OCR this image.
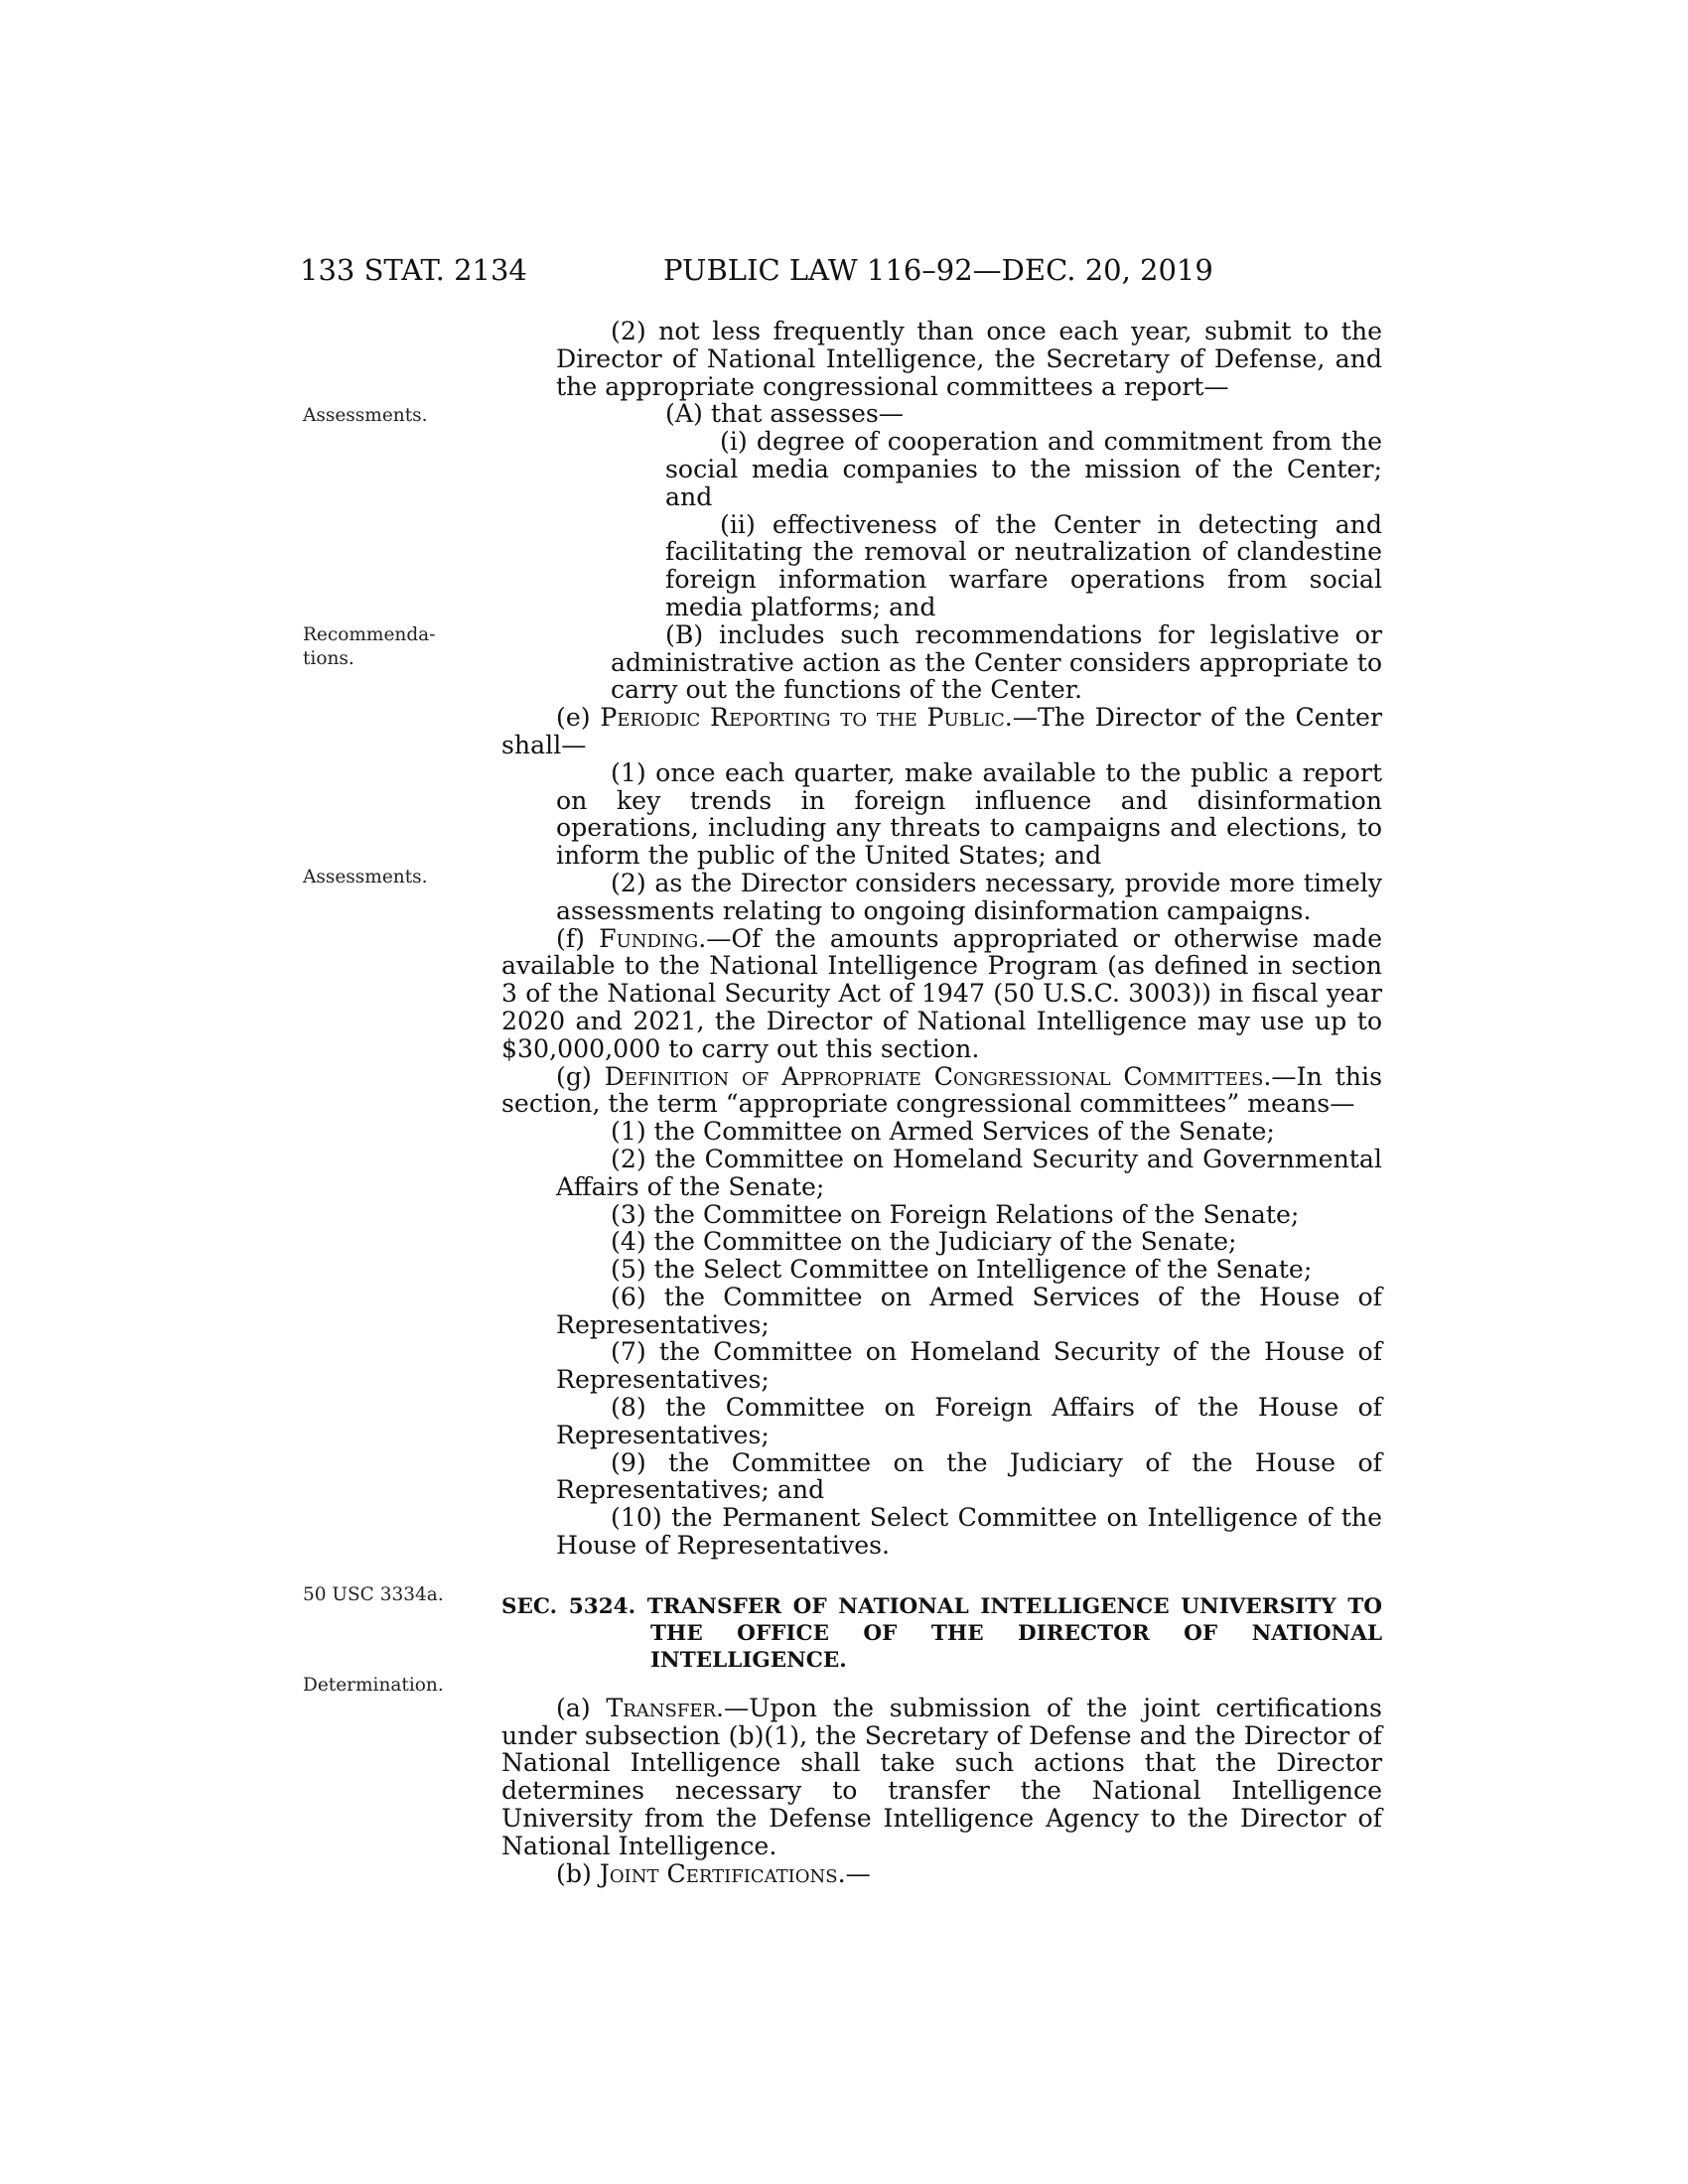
133 STAT. 2134	PUBLIC LAW 116–92—DEC. 20, 2019
Assessments.
Recommenda-
tions.
Assessments.
50 USC 3334a.
Determination.

(2) not less frequently than once each year, submit to the Director of National Intelligence, the Secretary of Defense, and the appropriate congressional committees a report—

(A) that assesses—

(i) degree of cooperation and commitment from the social media companies to the mission of the Center; and

(ii) effectiveness of the Center in detecting and facilitating the removal or neutralization of clandestine foreign information warfare operations from social media platforms; and

(B) includes such recommendations for legislative or administrative action as the Center considers appropriate to carry out the functions of the Center.

(e) Periodic Reporting to the Public.—The Director of the Center shall—

(1) once each quarter, make available to the public a report on key trends in foreign influence and disinformation operations, including any threats to campaigns and elections, to inform the public of the United States; and

(2) as the Director considers necessary, provide more timely assessments relating to ongoing disinformation campaigns.

(f) Funding.—Of the amounts appropriated or otherwise made available to the National Intelligence Program (as defined in section 3 of the National Security Act of 1947 (50 U.S.C. 3003)) in fiscal year 2020 and 2021, the Director of National Intelligence may use up to $30,000,000 to carry out this section.

(g) Definition of Appropriate Congressional Committees.—In this section, the term “appropriate congressional committees” means—

(1) the Committee on Armed Services of the Senate;

(2) the Committee on Homeland Security and Governmental Affairs of the Senate;

(3) the Committee on Foreign Relations of the Senate;

(4) the Committee on the Judiciary of the Senate;

(5) the Select Committee on Intelligence of the Senate;

(6) the Committee on Armed Services of the House of Representatives;

(7) the Committee on Homeland Security of the House of Representatives;

(8) the Committee on Foreign Affairs of the House of Representatives;

(9) the Committee on the Judiciary of the House of Representatives; and

(10) the Permanent Select Committee on Intelligence of the House of Representatives.

SEC. 5324. TRANSFER OF NATIONAL INTELLIGENCE UNIVERSITY TO THE OFFICE OF THE DIRECTOR OF NATIONAL INTELLIGENCE.

(a) Transfer.—Upon the submission of the joint certifications under subsection (b)(1), the Secretary of Defense and the Director of National Intelligence shall take such actions that the Director determines necessary to transfer the National Intelligence University from the Defense Intelligence Agency to the Director of National Intelligence.

(b) Joint Certifications.—
